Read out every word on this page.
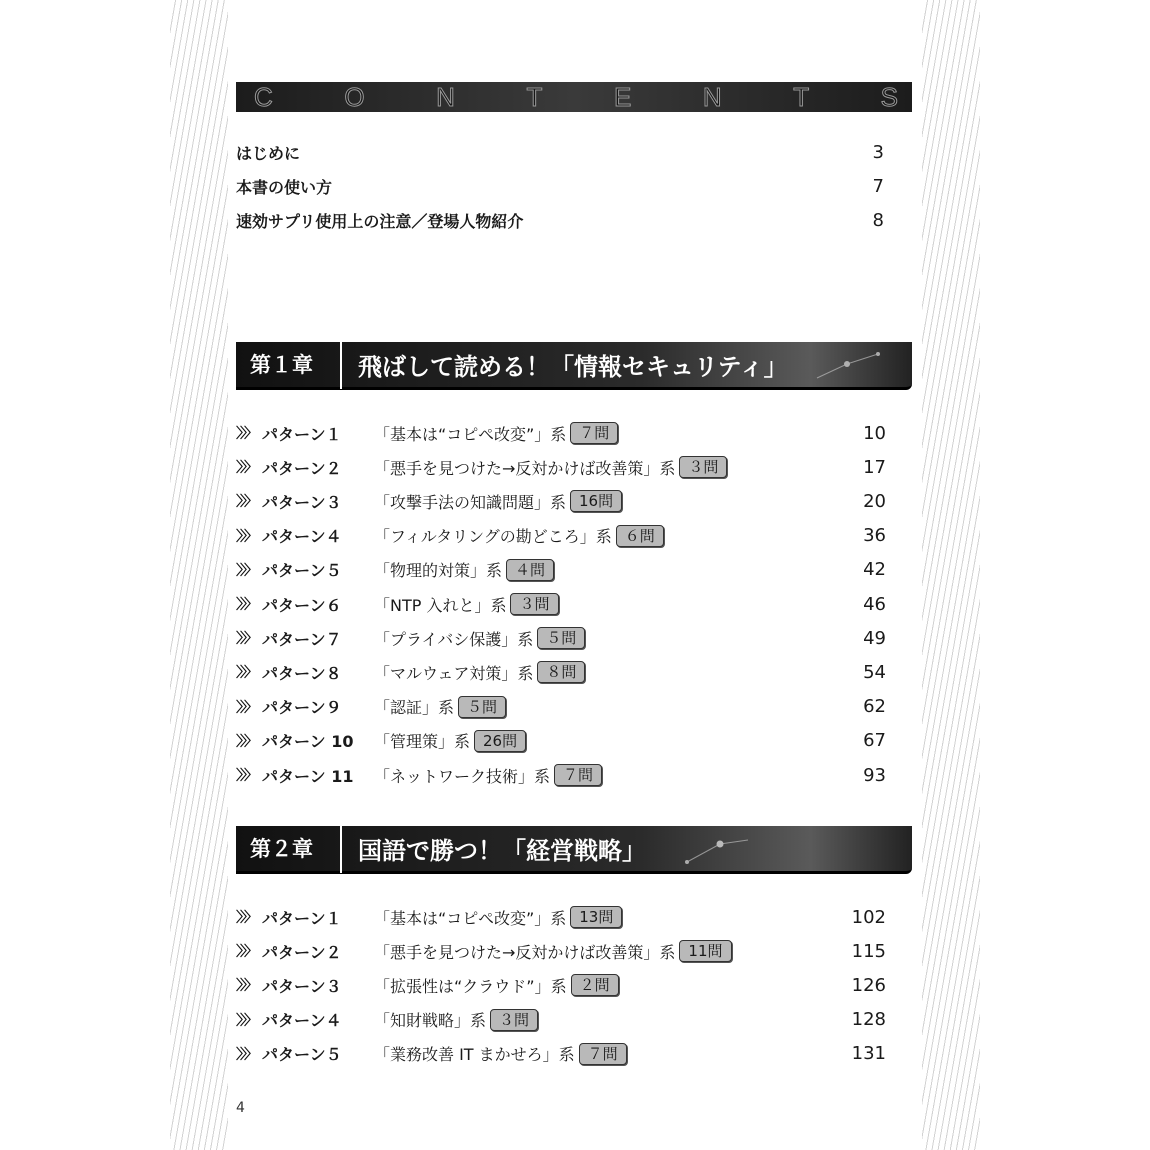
C	O	N	T	E	N	T	S
はじめに	3
本書の使い方	7
速効サプリ使用上の注意／登場人物紹介	8
第１章	飛ばして読める！「情報セキュリティ」
〉〉〉 パターン１	「基本は“コピペ改変”」系 ７問	10
〉〉〉 パターン２	「悪手を見つけた→反対かけば改善策」系 ３問	17
〉〉〉 パターン３	「攻撃手法の知識問題」系 16問	20
〉〉〉 パターン４	「フィルタリングの勘どころ」系 ６問	36
〉〉〉 パターン５	「物理的対策」系 ４問	42
〉〉〉 パターン６	「NTP 入れと」系 ３問	46
〉〉〉 パターン７	「プライバシ保護」系 ５問	49
〉〉〉 パターン８	「マルウェア対策」系 ８問	54
〉〉〉 パターン９	「認証」系 ５問	62
〉〉〉 パターン 10	「管理策」系 26問	67
〉〉〉 パターン 11	「ネットワーク技術」系 ７問	93
第２章	国語で勝つ！「経営戦略」
〉〉〉 パターン１	「基本は“コピペ改変”」系 13問	102
〉〉〉 パターン２	「悪手を見つけた→反対かけば改善策」系 11問	115
〉〉〉 パターン３	「拡張性は“クラウド”」系 ２問	126
〉〉〉 パターン４	「知財戦略」系 ３問	128
〉〉〉 パターン５	「業務改善 IT まかせろ」系 ７問	131
4
